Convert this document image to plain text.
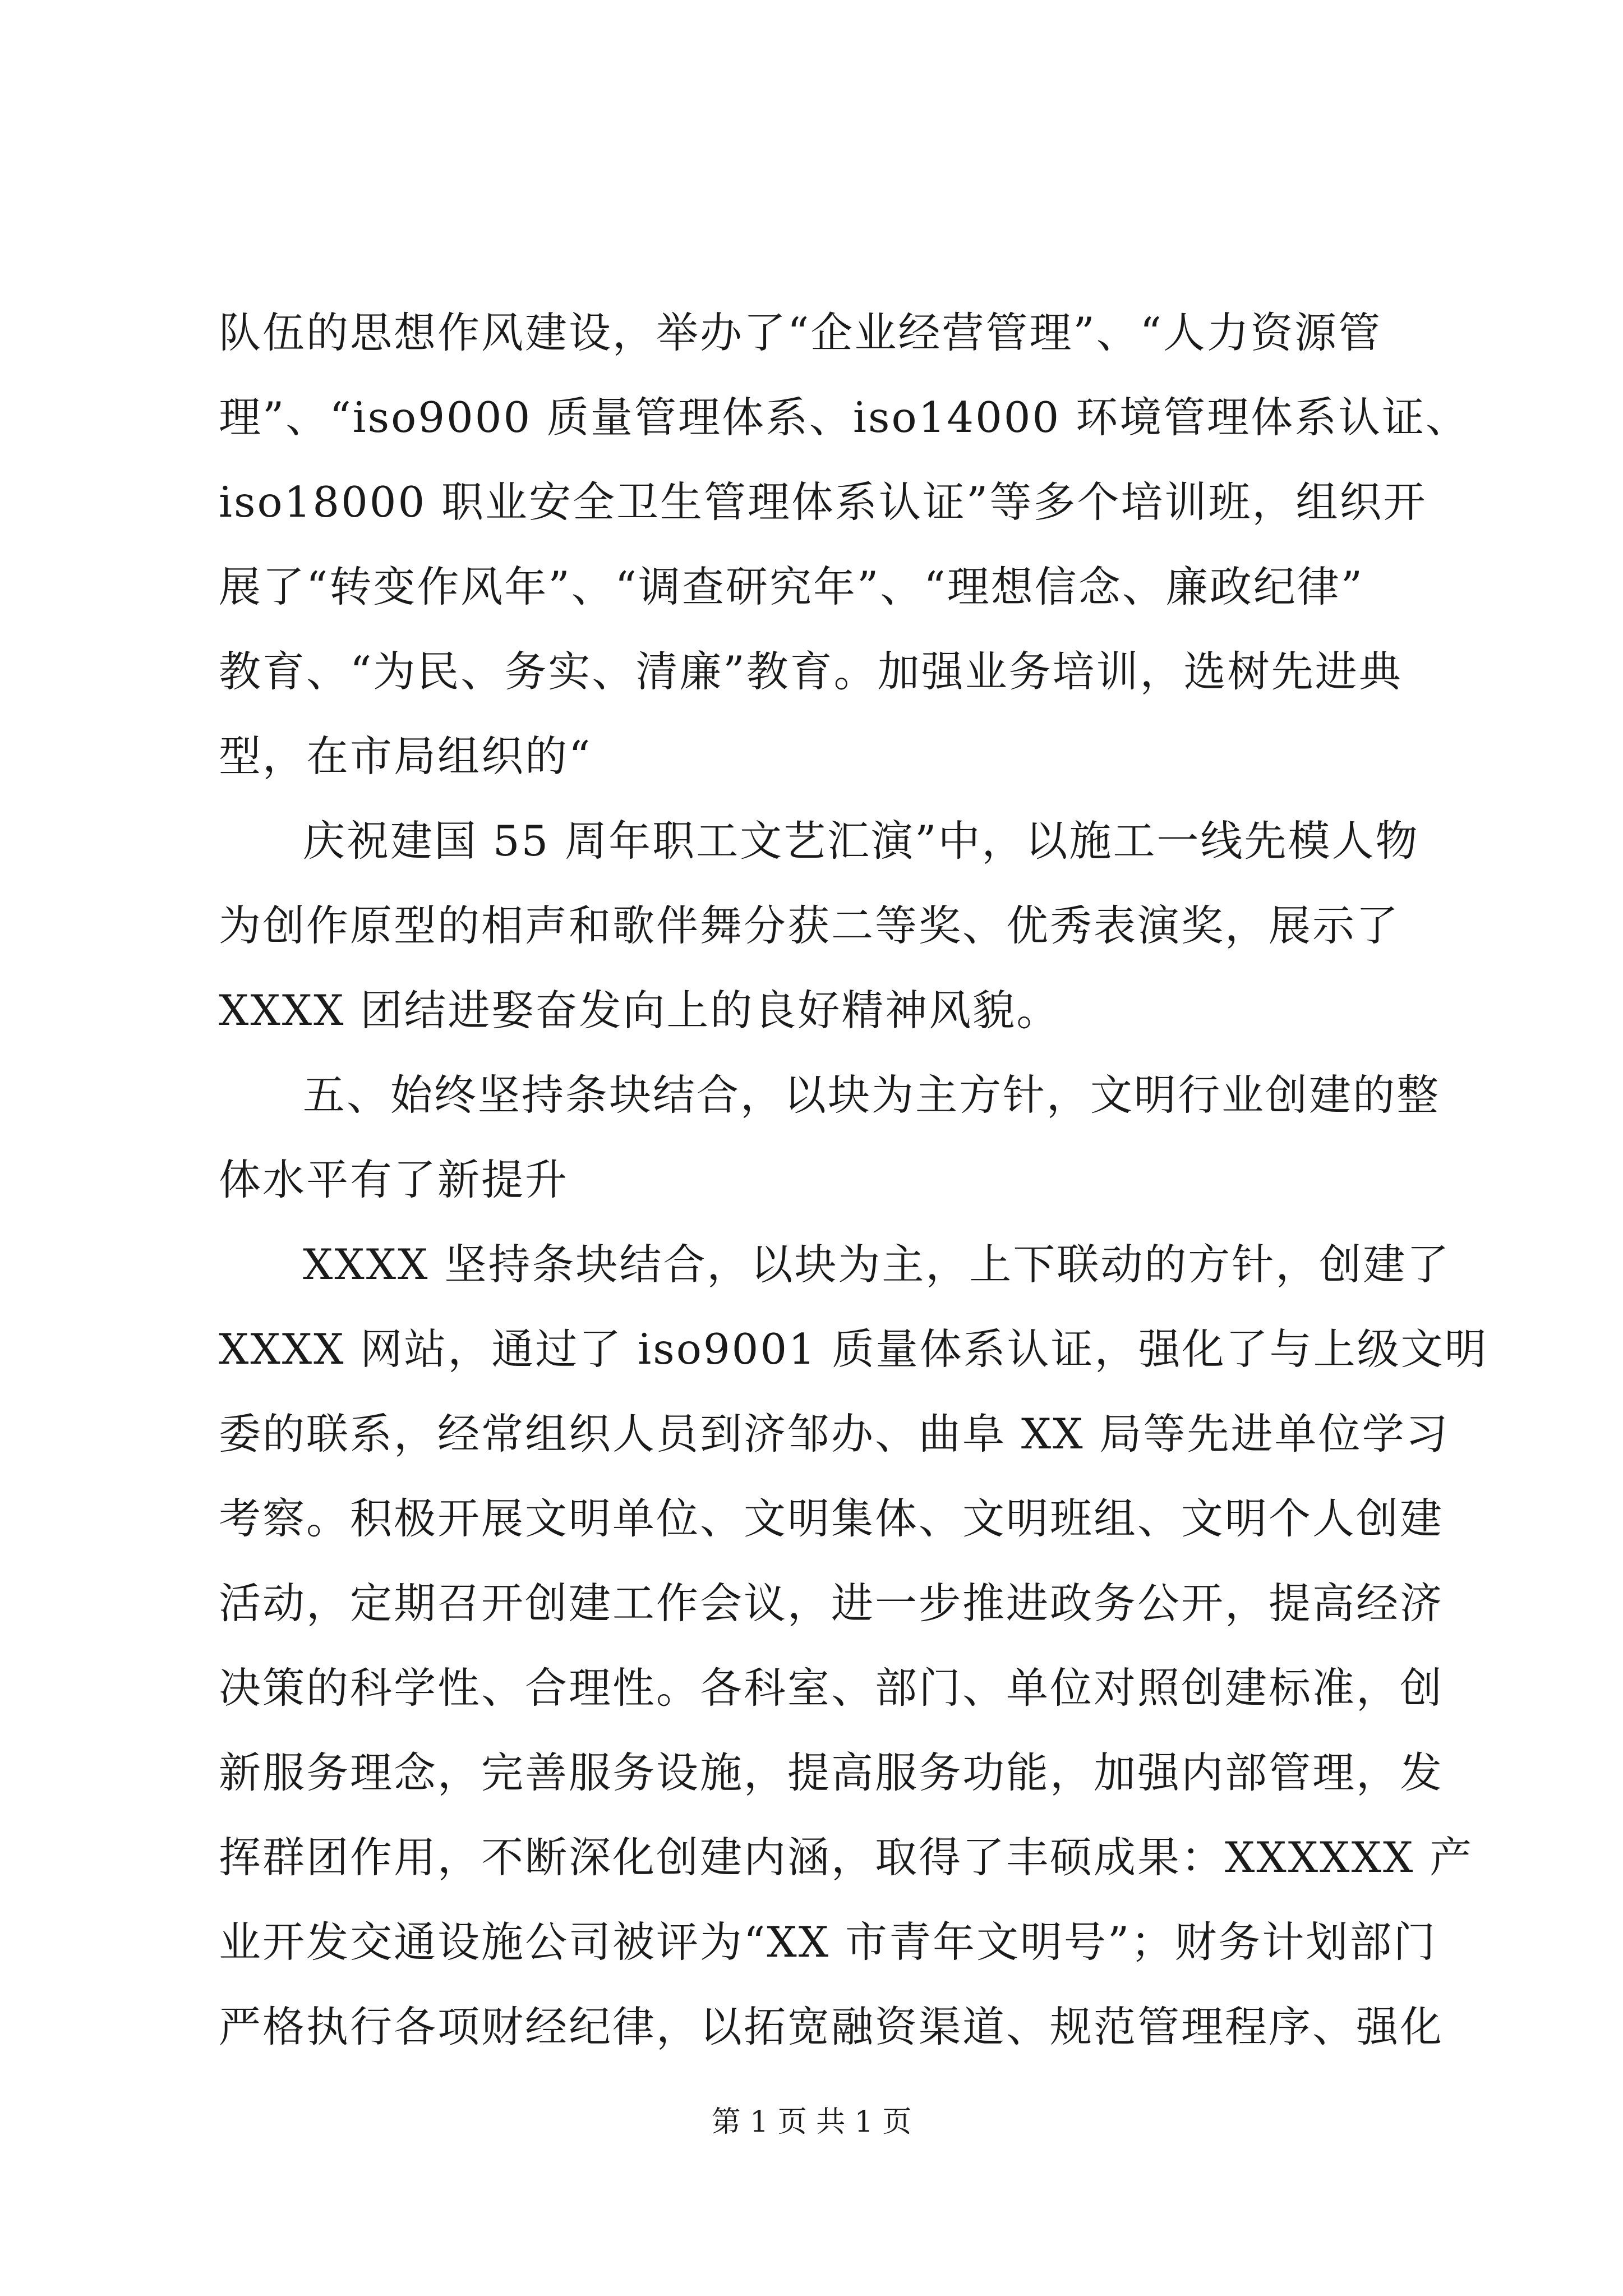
队伍的思想作风建设，举办了“企业经营管理”、“人力资源管
理”、“iso9000 质量管理体系、iso14000 环境管理体系认证、
iso18000 职业安全卫生管理体系认证”等多个培训班，组织开
展了“转变作风年”、“调查研究年”、“理想信念、廉政纪律”
教育、“为民、务实、清廉”教育。加强业务培训，选树先进典
型，在市局组织的“
庆祝建国 55 周年职工文艺汇演”中，以施工一线先模人物
为创作原型的相声和歌伴舞分获二等奖、优秀表演奖，展示了
XXXX 团结进娶奋发向上的良好精神风貌。
五、始终坚持条块结合，以块为主方针，文明行业创建的整
体水平有了新提升
XXXX 坚持条块结合，以块为主，上下联动的方针，创建了
XXXX 网站，通过了 iso9001 质量体系认证，强化了与上级文明
委的联系，经常组织人员到济邹办、曲阜 XX 局等先进单位学习
考察。积极开展文明单位、文明集体、文明班组、文明个人创建
活动，定期召开创建工作会议，进一步推进政务公开，提高经济
决策的科学性、合理性。各科室、部门、单位对照创建标准，创
新服务理念，完善服务设施，提高服务功能，加强内部管理，发
挥群团作用，不断深化创建内涵，取得了丰硕成果：XXXXXX 产
业开发交通设施公司被评为“XX 市青年文明号”；财务计划部门
严格执行各项财经纪律，以拓宽融资渠道、规范管理程序、强化
第 1 页 共 1 页
